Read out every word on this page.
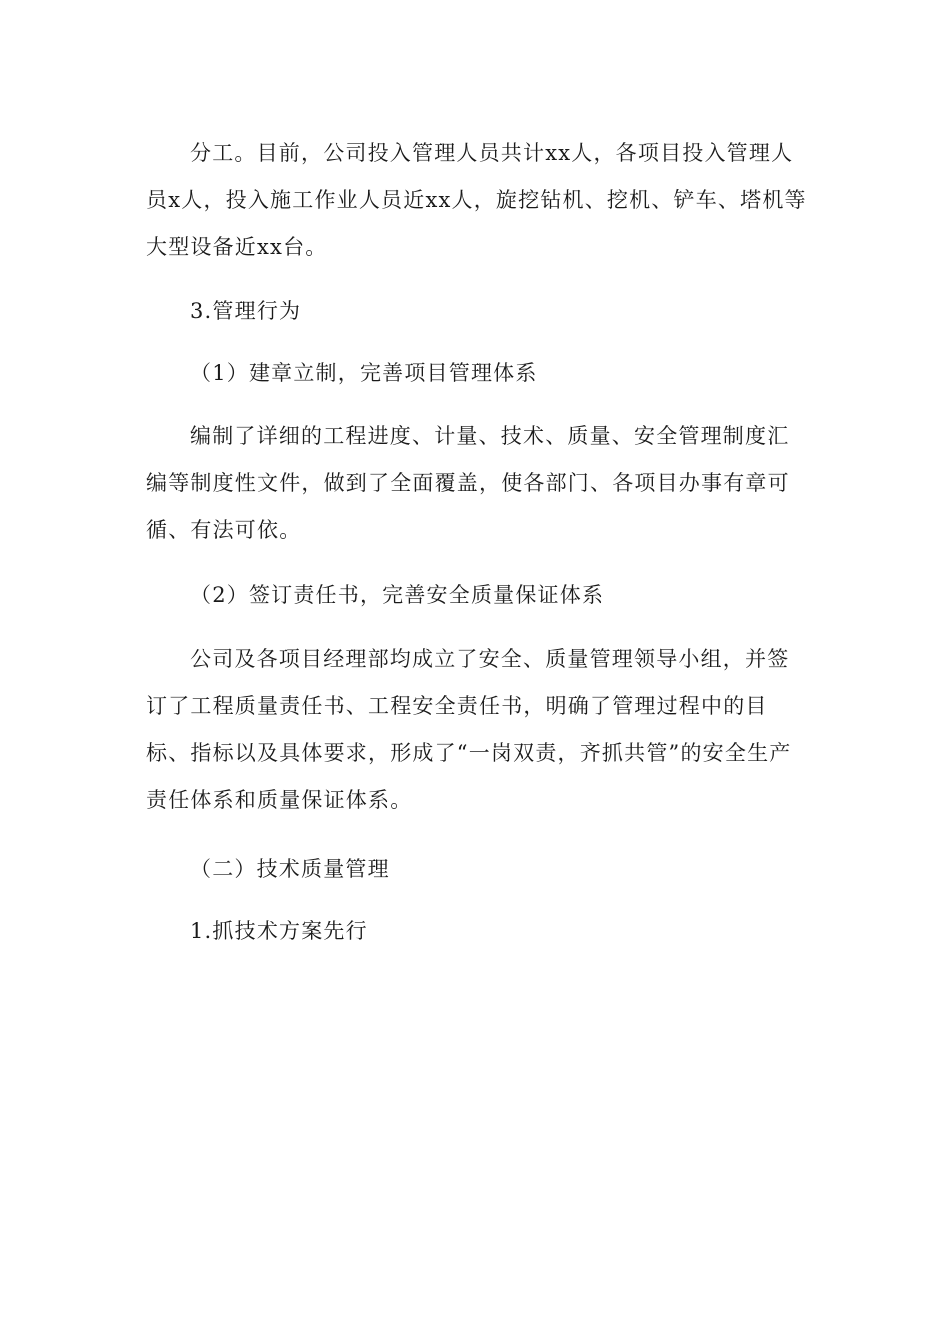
分工。目前，公司投入管理人员共计xx人，各项目投入管理人员x人，投入施工作业人员近xx人，旋挖钻机、挖机、铲车、塔机等大型设备近xx台。

3.管理行为

（1）建章立制，完善项目管理体系

编制了详细的工程进度、计量、技术、质量、安全管理制度汇编等制度性文件，做到了全面覆盖，使各部门、各项目办事有章可循、有法可依。

（2）签订责任书，完善安全质量保证体系

公司及各项目经理部均成立了安全、质量管理领导小组，并签订了工程质量责任书、工程安全责任书，明确了管理过程中的目标、指标以及具体要求，形成了“一岗双责，齐抓共管”的安全生产责任体系和质量保证体系。

（二）技术质量管理

1.抓技术方案先行
